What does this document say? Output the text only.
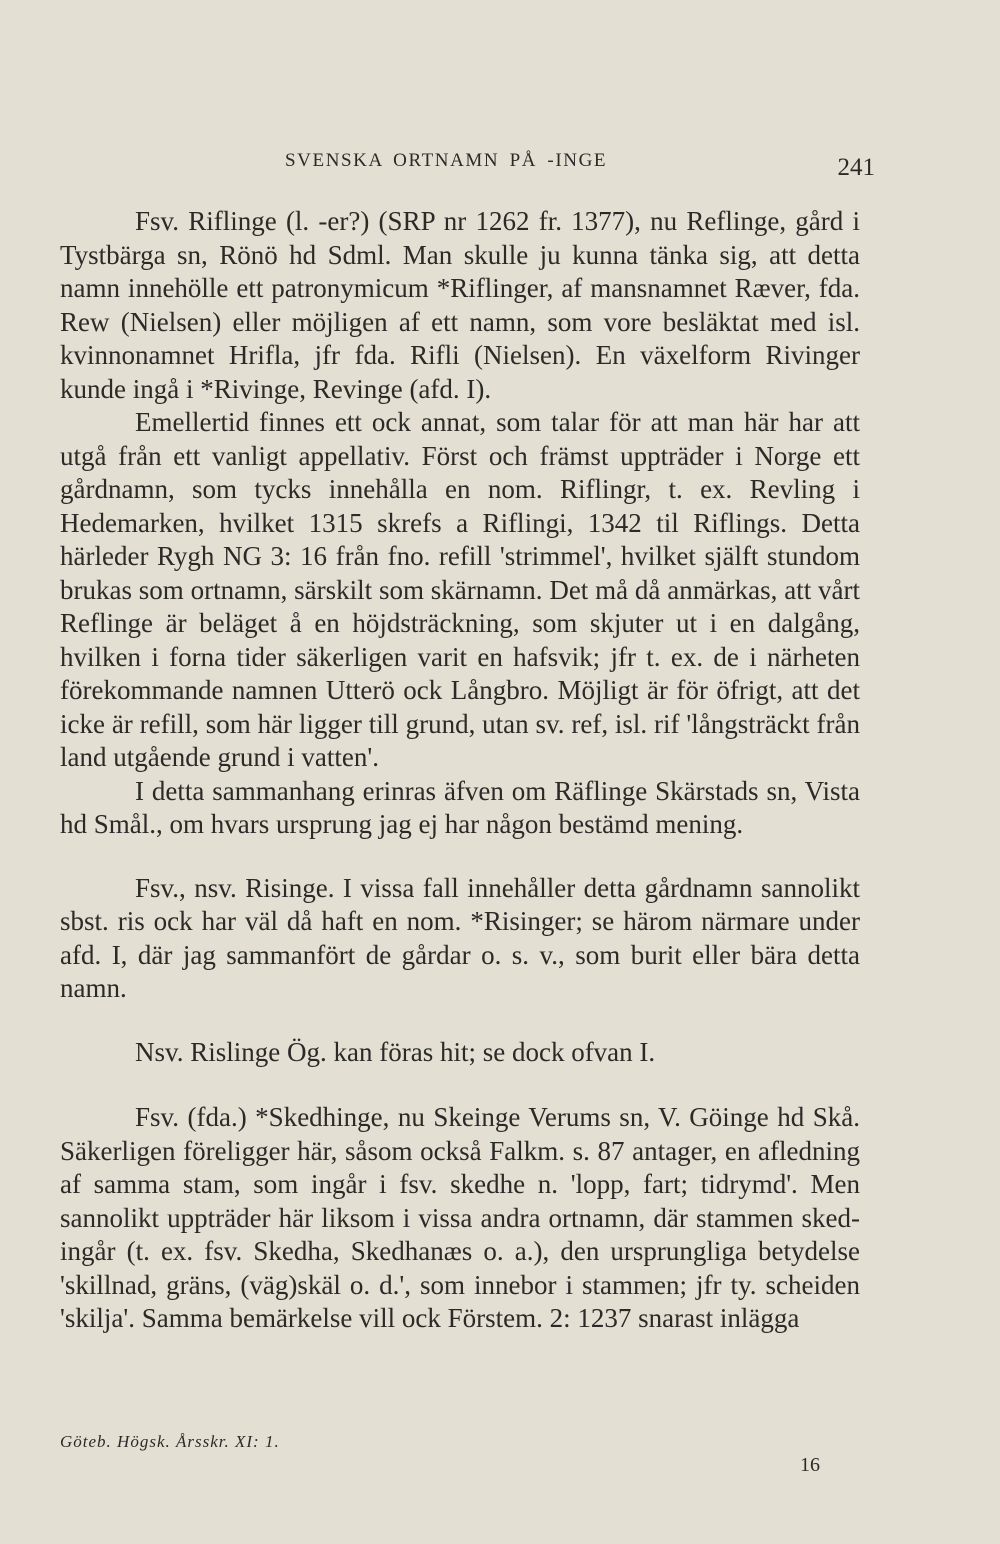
SVENSKA ORTNAMN PÅ -INGE	241

Fsv. Riflinge (l. -er?) (SRP nr 1262 fr. 1377), nu Reflinge, gård i Tystbärga sn, Rönö hd Sdml. Man skulle ju kunna tänka sig, att detta namn innehölle ett patronymicum *Riflinger, af mansnamnet Ræver, fda. Rew (Nielsen) eller möjligen af ett namn, som vore besläktat med isl. kvinnonamnet Hrifla, jfr fda. Rifli (Nielsen). En växelform Rivinger kunde ingå i *Rivinge, Revinge (afd. I).

Emellertid finnes ett ock annat, som talar för att man här har att utgå från ett vanligt appellativ. Först och främst uppträder i Norge ett gårdnamn, som tycks innehålla en nom. Riflingr, t. ex. Revling i Hedemarken, hvilket 1315 skrefs a Riflingi, 1342 til Riflings. Detta härleder Rygh NG 3: 16 från fno. refill 'strimmel', hvilket själft stundom brukas som ortnamn, särskilt som skärnamn. Det må då anmärkas, att vårt Reflinge är beläget å en höjdsträckning, som skjuter ut i en dalgång, hvilken i forna tider säkerligen varit en hafsvik; jfr t. ex. de i närheten förekommande namnen Utterö ock Långbro. Möjligt är för öfrigt, att det icke är refill, som här ligger till grund, utan sv. ref, isl. rif 'långsträckt från land utgående grund i vatten'.

I detta sammanhang erinras äfven om Räflinge Skärstads sn, Vista hd Smål., om hvars ursprung jag ej har någon bestämd mening.

Fsv., nsv. Risinge. I vissa fall innehåller detta gårdnamn sannolikt sbst. ris ock har väl då haft en nom. *Risinger; se härom närmare under afd. I, där jag sammanfört de gårdar o. s. v., som burit eller bära detta namn.

Nsv. Rislinge Ög. kan föras hit; se dock ofvan I.

Fsv. (fda.) *Skedhinge, nu Skeinge Verums sn, V. Göinge hd Skå. Säkerligen föreligger här, såsom också Falkm. s. 87 antager, en afledning af samma stam, som ingår i fsv. skedhe n. 'lopp, fart; tidrymd'. Men sannolikt uppträder här liksom i vissa andra ortnamn, där stammen sked- ingår (t. ex. fsv. Skedha, Skedhanæs o. a.), den ursprungliga betydelse 'skillnad, gräns, (väg)skäl o. d.', som innebor i stammen; jfr ty. scheiden 'skilja'. Samma bemärkelse vill ock Förstem. 2: 1237 snarast inlägga

Göteb. Högsk. Årsskr. XI: 1.
16
